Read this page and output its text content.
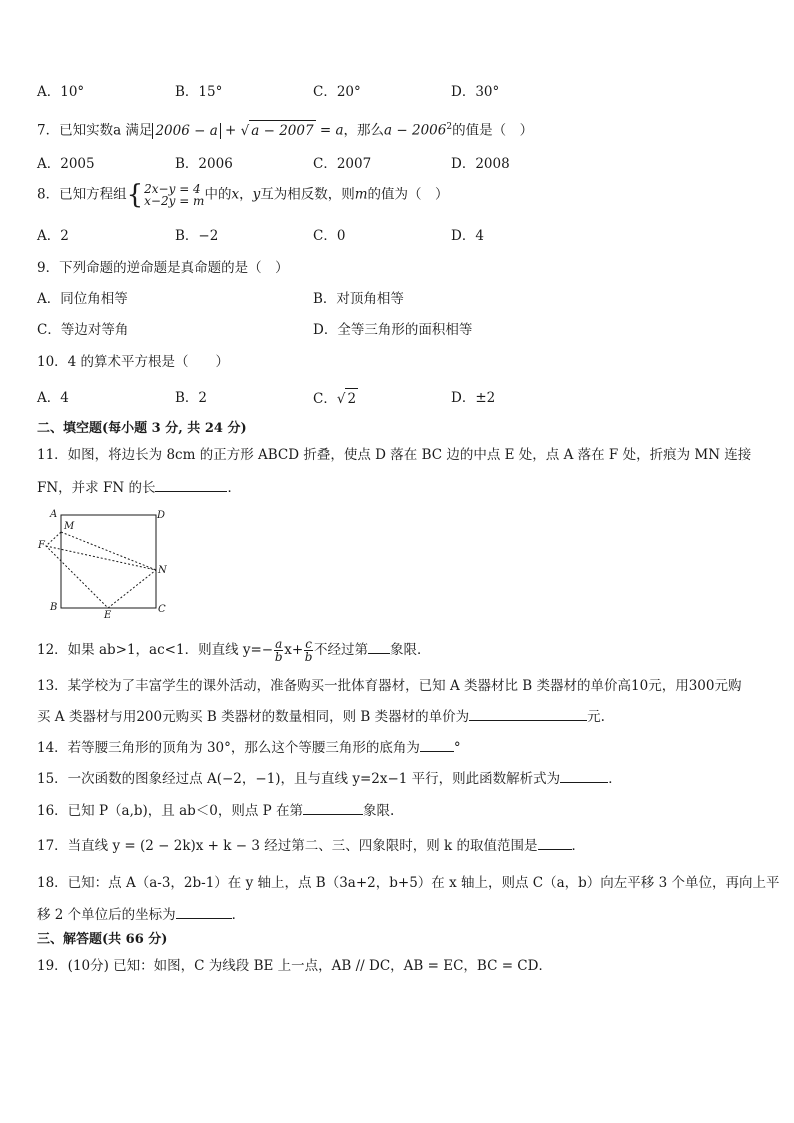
A．10°	B．15°	C．20°	D．30°
7．已知实数a 满足 2006 − a + √ a − 2007 = a，那么$a - 2006^2$的值是（　）
A．2005	B．2006	C．2007	D．2008
8．已知方程组 { 2x−y = 4
x−2y = m 中的x，y互为相反数，则m的值为（　）
A．2	B．−2	C．0	D．4
9．下列命题的逆命题是真命题的是（　）
A．同位角相等	B．对顶角相等
C．等边对等角	D．全等三角形的面积相等
10．4 的算术平方根是（　　）
A．4	B．2	C．√ 2	D．±2
二、填空题(每小题 3 分, 共 24 分)
11．如图，将边长为 8cm 的正方形 ABCD 折叠，使点 D 落在 BC 边的中点 E 处，点 A 落在 F 处，折痕为 MN 连接
FN，并求 FN 的长	．
A
M
D
F
N
B
E
C
12．如果 ab>1，ac<1．则直线 $y=- \frac{a}{b} x+ \frac{c}{b}$ 不经过第 象限．
13．某学校为了丰富学生的课外活动，准备购买一批体育器材，已知 A 类器材比 B 类器材的单价高10元，用300元购
买 A 类器材与用200元购买 B 类器材的数量相同，则 B 类器材的单价为	元.
14．若等腰三角形的顶角为 30°，那么这个等腰三角形的底角为	°
15．一次函数的图象经过点 A(−2，−1)，且与直线 y=2x−1 平行，则此函数解析式为	．
16．已知 P（a,b)，且 ab＜0，则点 P 在第	象限.
17．当直线 y = (2 − 2k)x + k − 3 经过第二、三、四象限时，则 k 的取值范围是	．
18．已知：点 A（a-3，2b-1）在 y 轴上，点 B（3a+2，b+5）在 x 轴上，则点 C（a，b）向左平移 3 个单位，再向上平
移 2 个单位后的坐标为	．
三、解答题(共 66 分)
19．(10分) 已知：如图，C 为线段 BE 上一点，AB // DC，AB = EC，BC = CD．
